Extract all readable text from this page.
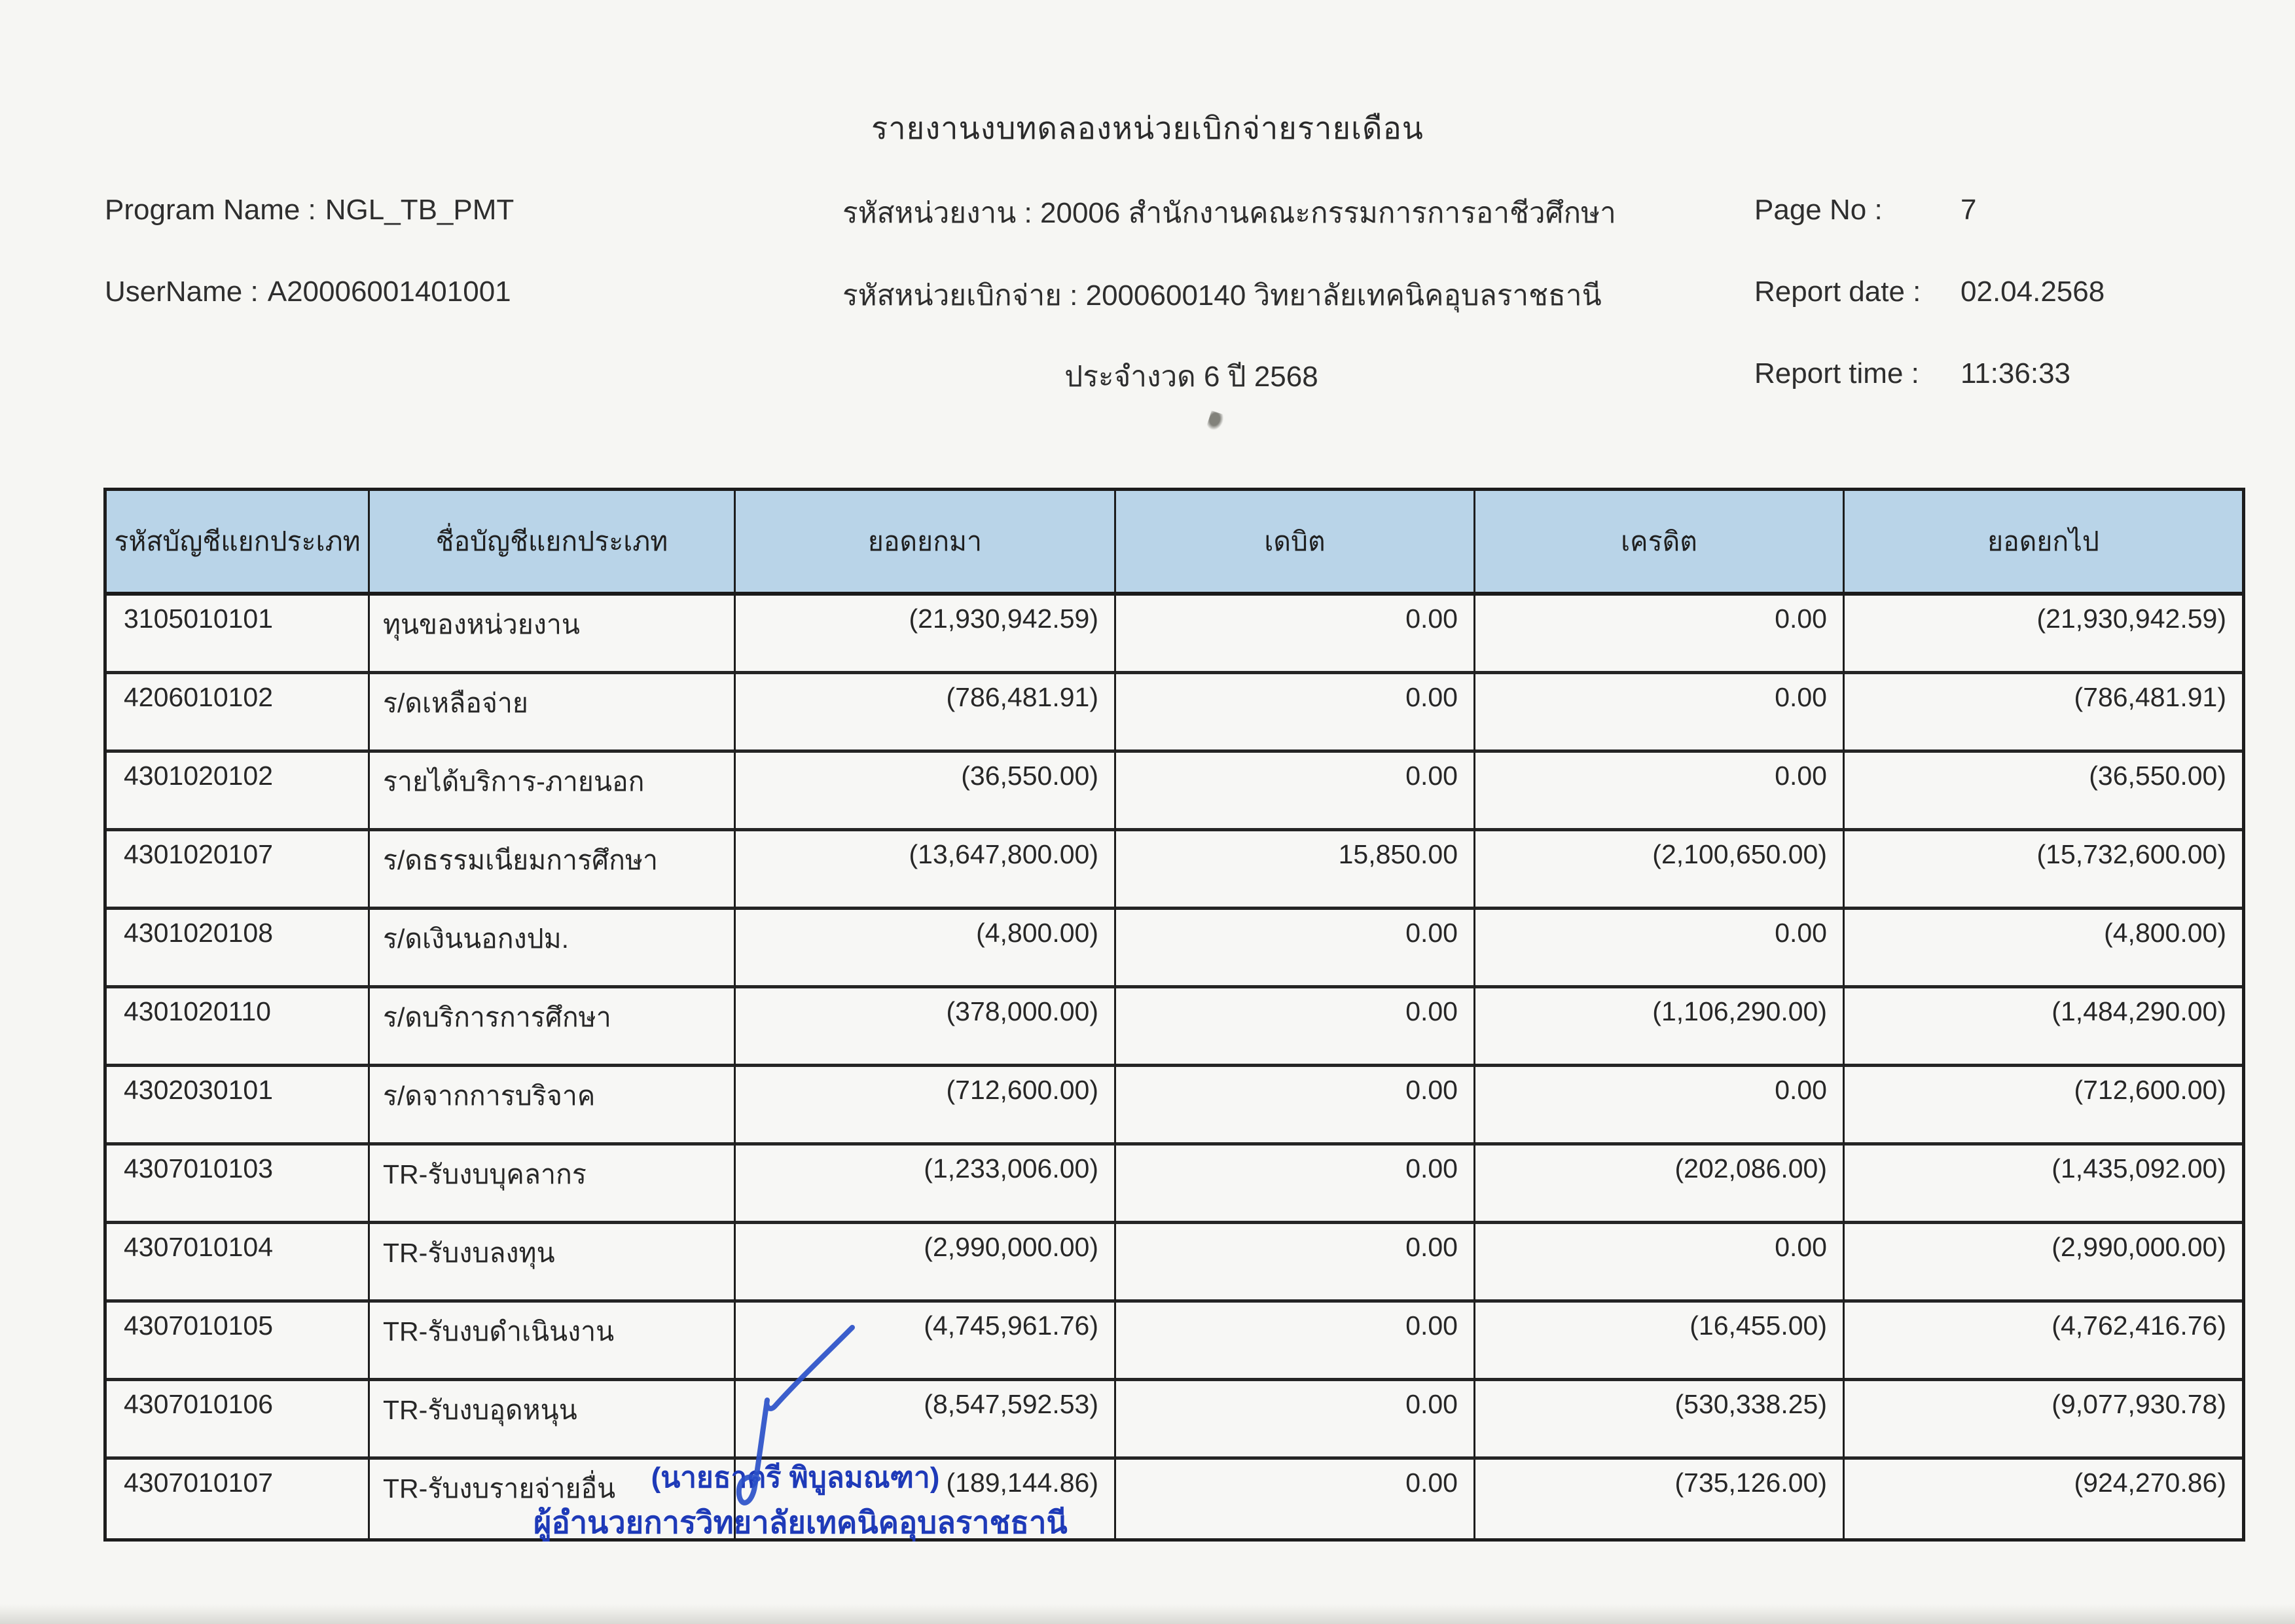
รายงานงบทดลองหน่วยเบิกจ่ายรายเดือน
Program Name : NGL_TB_PMT
UserName : A20006001401001
รหัสหน่วยงาน : 20006 สำนักงานคณะกรรมการการอาชีวศึกษา
รหัสหน่วยเบิกจ่าย : 2000600140 วิทยาลัยเทคนิคอุบลราชธานี
ประจำงวด 6 ปี 2568
Page No :	7
Report date : 02.04.2568
Report time : 11:36:33
รหัสบัญชีแยกประเภท	ชื่อบัญชีแยกประเภท	ยอดยกมา	เดบิต	เครดิต	ยอดยกไป
3105010101	ทุนของหน่วยงาน	(21,930,942.59)	0.00	0.00	(21,930,942.59)
4206010102	ร/ดเหลือจ่าย	(786,481.91)	0.00	0.00	(786,481.91)
4301020102	รายได้บริการ-ภายนอก	(36,550.00)	0.00	0.00	(36,550.00)
4301020107	ร/ดธรรมเนียมการศึกษา	(13,647,800.00)	15,850.00	(2,100,650.00)	(15,732,600.00)
4301020108	ร/ดเงินนอกงปม.	(4,800.00)	0.00	0.00	(4,800.00)
4301020110	ร/ดบริการการศึกษา	(378,000.00)	0.00	(1,106,290.00)	(1,484,290.00)
4302030101	ร/ดจากการบริจาค	(712,600.00)	0.00	0.00	(712,600.00)
4307010103	TR-รับงบบุคลากร	(1,233,006.00)	0.00	(202,086.00)	(1,435,092.00)
4307010104	TR-รับงบลงทุน	(2,990,000.00)	0.00	0.00	(2,990,000.00)
4307010105	TR-รับงบดำเนินงาน	(4,745,961.76)	0.00	(16,455.00)	(4,762,416.76)
4307010106	TR-รับงบอุดหนุน	(8,547,592.53)	0.00	(530,338.25)	(9,077,930.78)
4307010107	TR-รับงบรายจ่ายอื่น	(189,144.86)	0.00	(735,126.00)	(924,270.86)
(นายธาตรี พิบูลมณฑา)
ผู้อำนวยการวิทยาลัยเทคนิคอุบลราชธานี
